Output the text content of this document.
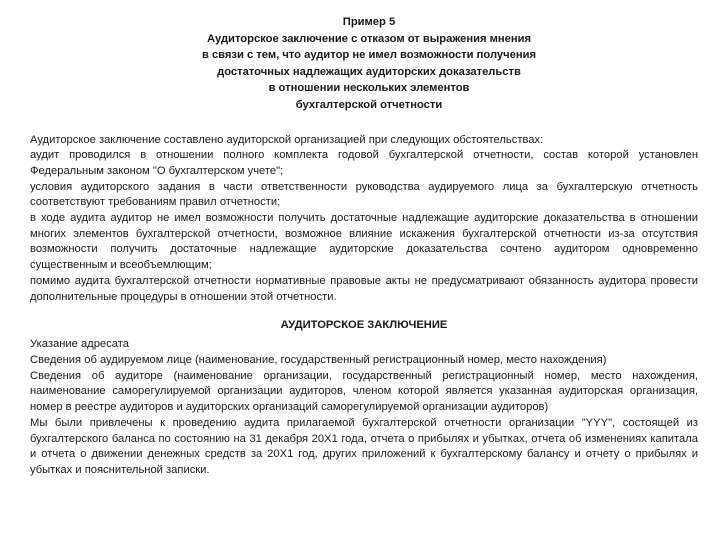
Пример 5
Аудиторское заключение с отказом от выражения мнения
в связи с тем, что аудитор не имел возможности получения
достаточных надлежащих аудиторских доказательств
в отношении нескольких элементов
бухгалтерской отчетности

Аудиторское заключение составлено аудиторской организацией при следующих обстоятельствах:

аудит проводился в отношении полного комплекта годовой бухгалтерской отчетности, состав которой установлен Федеральным законом "О бухгалтерском учете";

условия аудиторского задания в части ответственности руководства аудируемого лица за бухгалтерскую отчетность соответствуют требованиям правил отчетности;

в ходе аудита аудитор не имел возможности получить достаточные надлежащие аудиторские доказательства в отношении многих элементов бухгалтерской отчетности, возможное влияние искажения бухгалтерской отчетности из-за отсутствия возможности получить достаточные надлежащие аудиторские доказательства сочтено аудитором одновременно существенным и всеобъемлющим;

помимо аудита бухгалтерской отчетности нормативные правовые акты не предусматривают обязанность аудитора провести дополнительные процедуры в отношении этой отчетности.

АУДИТОРСКОЕ ЗАКЛЮЧЕНИЕ

Указание адресата

Сведения об аудируемом лице (наименование, государственный регистрационный номер, место нахождения)

Сведения об аудиторе (наименование организации, государственный регистрационный номер, место нахождения, наименование саморегулируемой организации аудиторов, членом которой является указанная аудиторская организация, номер в реестре аудиторов и аудиторских организаций саморегулируемой организации аудиторов)

Мы были привлечены к проведению аудита прилагаемой бухгалтерской отчетности организации "YYY", состоящей из бухгалтерского баланса по состоянию на 31 декабря 20X1 года, отчета о прибылях и убытках, отчета об изменениях капитала и отчета о движении денежных средств за 20X1 год, других приложений к бухгалтерскому балансу и отчету о прибылях и убытках и пояснительной записки.
